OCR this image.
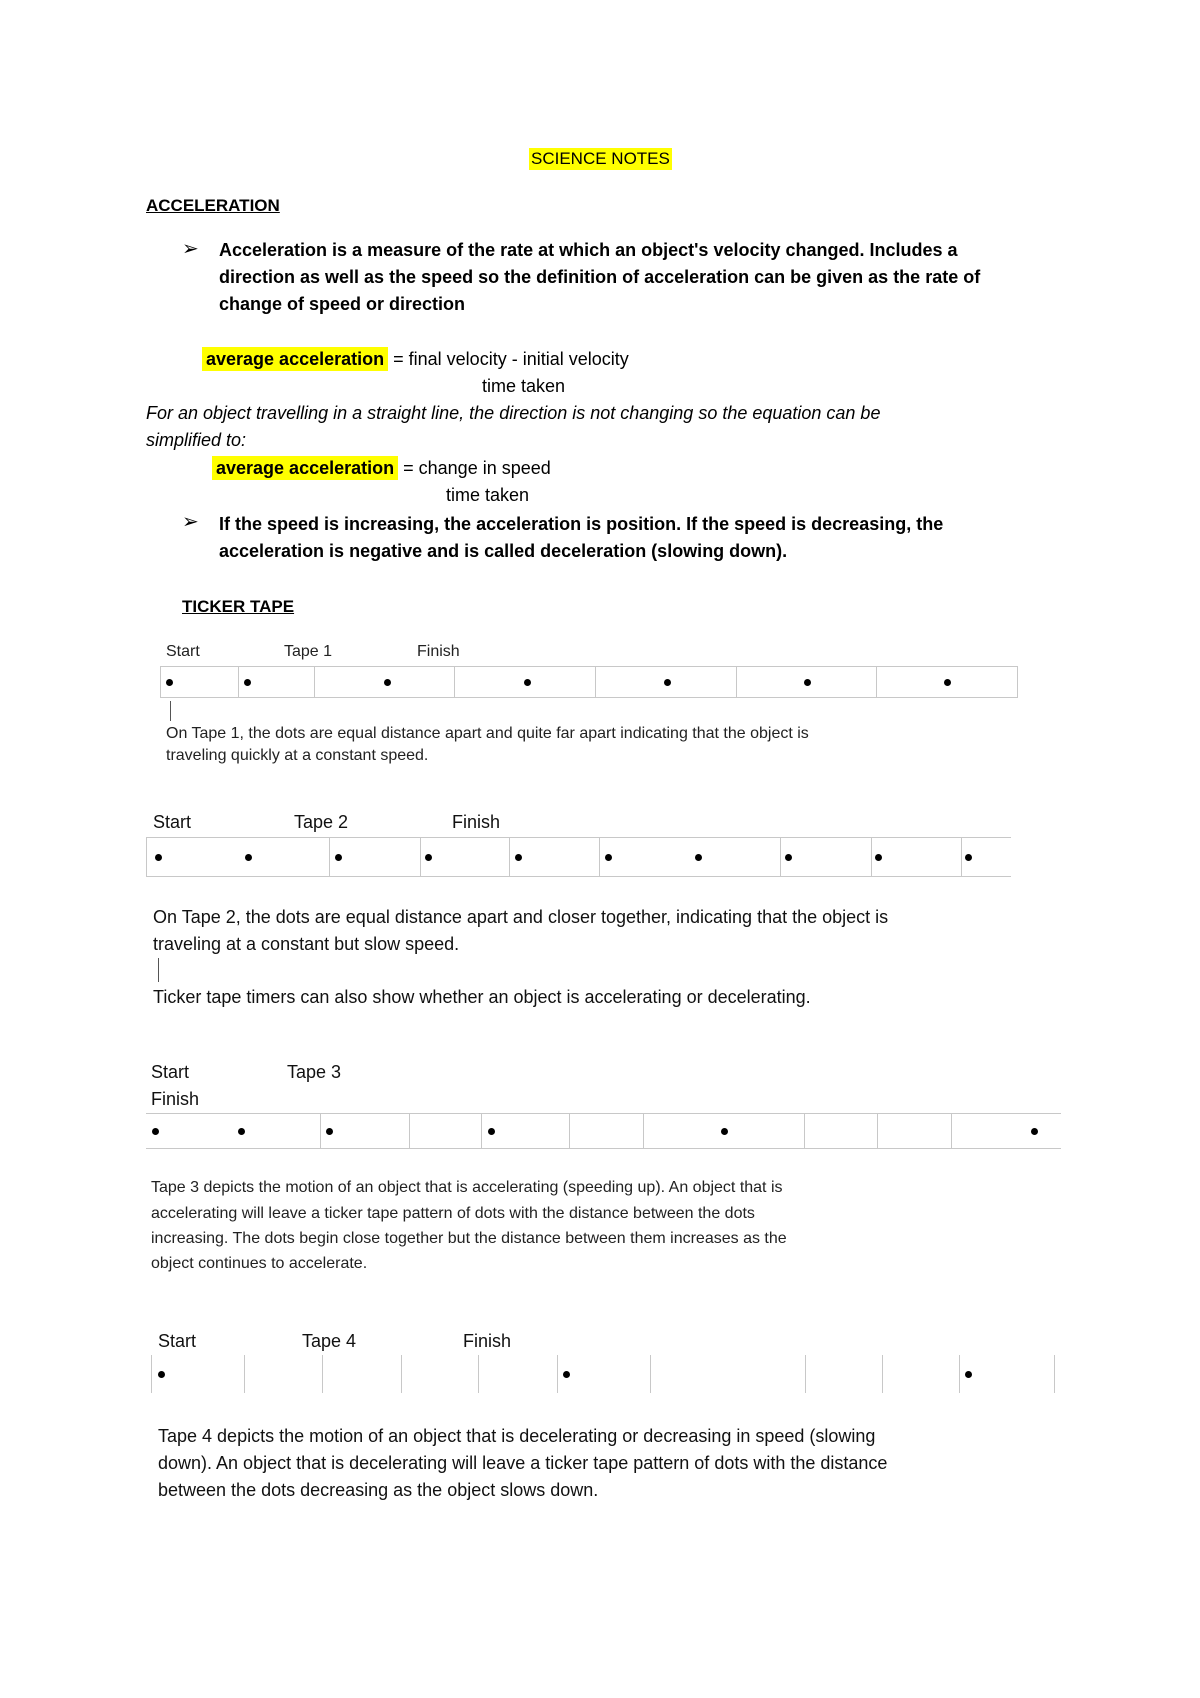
SCIENCE NOTES
ACCELERATION
➢ Acceleration is a measure of the rate at which an object's velocity changed. Includes a
direction as well as the speed so the definition of acceleration can be given as the rate of
change of speed or direction
average acceleration = final velocity - initial velocity
time taken
For an object travelling in a straight line, the direction is not changing so the equation can be
simplified to:
average acceleration = change in speed
time taken
➢ If the speed is increasing, the acceleration is position. If the speed is decreasing, the
acceleration is negative and is called deceleration (slowing down).
TICKER TAPE
Start	Tape 1	Finish
On Tape 1, the dots are equal distance apart and quite far apart indicating that the object is
traveling quickly at a constant speed.
Start	Tape 2	Finish
On Tape 2, the dots are equal distance apart and closer together, indicating that the object is
traveling at a constant but slow speed.
Ticker tape timers can also show whether an object is accelerating or decelerating.
Start	Tape 3
Finish
Tape 3 depicts the motion of an object that is accelerating (speeding up). An object that is
accelerating will leave a ticker tape pattern of dots with the distance between the dots
increasing. The dots begin close together but the distance between them increases as the
object continues to accelerate.
Start	Tape 4	Finish
Tape 4 depicts the motion of an object that is decelerating or decreasing in speed (slowing
down). An object that is decelerating will leave a ticker tape pattern of dots with the distance
between the dots decreasing as the object slows down.
